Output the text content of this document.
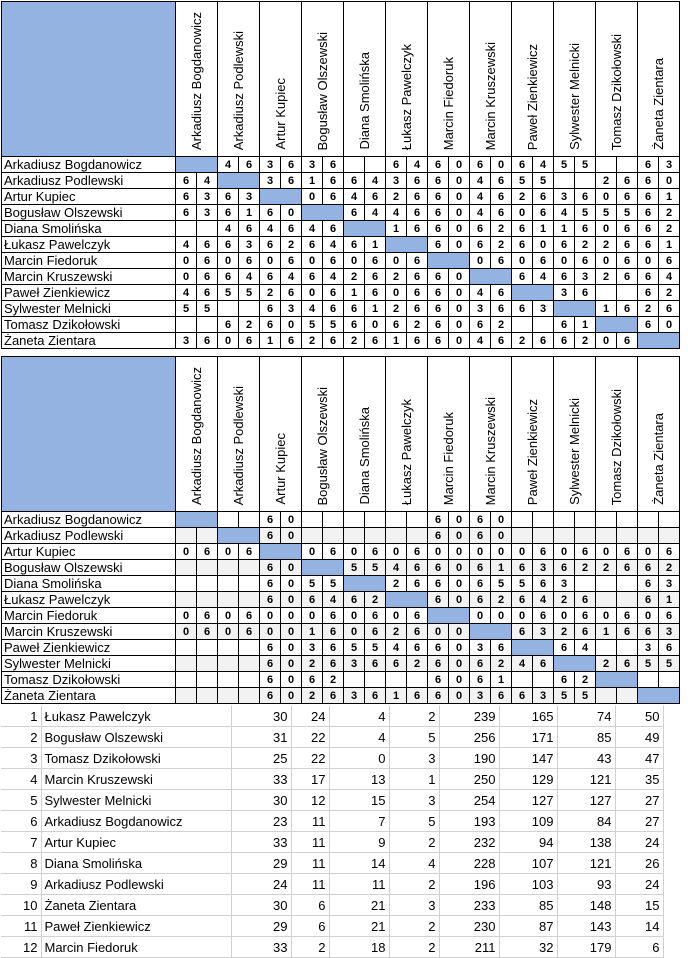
	Arkadiusz Bogdanowicz		Arkadiusz Podlewski		Artur Kupiec		Bogusław Olszewski		Diana Smolińska		Łukasz Pawelczyk		Marcin Fiedoruk		Marcin Kruszewski		Paweł Zienkiewicz		Sylwester Melnicki		Tomasz Dzikołowski		Żaneta Zientara	
Arkadiusz Bogdanowicz			4	6	3	6	3	6			6	4	6	0	6	0	6	4	5	5			6	3
Arkadiusz Podlewski	6	4			3	6	1	6	6	4	3	6	6	0	4	6	5	5			2	6	6	0
Artur Kupiec	6	3	6	3			0	6	4	6	2	6	6	0	4	6	2	6	3	6	0	6	6	1
Bogusław Olszewski	6	3	6	1	6	0			6	4	4	6	6	0	4	6	0	6	4	5	5	5	6	2
Diana Smolińska			4	6	4	6	4	6			1	6	6	0	6	2	6	1	1	6	0	6	6	2
Łukasz Pawelczyk	4	6	6	3	6	2	6	4	6	1			6	0	6	2	6	0	6	2	2	6	6	1
Marcin Fiedoruk	0	6	0	6	0	6	0	6	0	6	0	6			0	6	0	6	0	6	0	6	0	6
Marcin Kruszewski	0	6	6	4	6	4	6	4	2	6	2	6	6	0			6	4	6	3	2	6	6	4
Paweł Zienkiewicz	4	6	5	5	2	6	0	6	1	6	0	6	6	0	4	6			3	6			6	2
Sylwester Melnicki	5	5			6	3	4	6	6	1	2	6	6	0	3	6	6	3			1	6	2	6
Tomasz Dzikołowski			6	2	6	0	5	5	6	0	6	2	6	0	6	2			6	1			6	0
Żaneta Zientara	3	6	0	6	1	6	2	6	2	6	1	6	6	0	4	6	2	6	6	2	0	6		
	Arkadiusz Bogdanowicz		Arkadiusz Podlewski		Artur Kupiec		Bogusław Olszewski		Diana Smolińska		Łukasz Pawelczyk		Marcin Fiedoruk		Marcin Kruszewski		Paweł Zienkiewicz		Sylwester Melnicki		Tomasz Dzikołowski		Żaneta Zientara	
Arkadiusz Bogdanowicz					6	0							6	0	6	0								
Arkadiusz Podlewski					6	0							6	0	6	0								
Artur Kupiec	0	6	0	6			0	6	0	6	0	6	0	0	0	0	0	6	0	6	0	6	0	6
Bogusław Olszewski					6	0			5	5	4	6	6	0	6	1	6	3	6	2	2	6	6	2
Diana Smolińska					6	0	5	5			2	6	6	0	6	5	5	6	3				6	3
Łukasz Pawelczyk					6	0	6	4	6	2			6	0	6	2	6	4	2	6			6	1
Marcin Fiedoruk	0	6	0	6	0	0	0	6	0	6	0	6			0	0	0	6	0	6	0	6	0	6
Marcin Kruszewski	0	6	0	6	0	0	1	6	0	6	2	6	0	0			6	3	2	6	1	6	6	3
Paweł Zienkiewicz					6	0	3	6	5	5	4	6	6	0	3	6			6	4			3	6
Sylwester Melnicki					6	0	2	6	3	6	6	2	6	0	6	2	4	6			2	6	5	5
Tomasz Dzikołowski					6	0	6	2					6	0	6	1			6	2				
Żaneta Zientara					6	0	2	6	3	6	1	6	6	0	3	6	6	3	5	5				
1	Łukasz Pawelczyk	30	24	4	2	239	165	74	50
2	Bogusław Olszewski	31	22	4	5	256	171	85	49
3	Tomasz Dzikołowski	25	22	0	3	190	147	43	47
4	Marcin Kruszewski	33	17	13	1	250	129	121	35
5	Sylwester Melnicki	30	12	15	3	254	127	127	27
6	Arkadiusz Bogdanowicz	23	11	7	5	193	109	84	27
7	Artur Kupiec	33	11	9	2	232	94	138	24
8	Diana Smolińska	29	11	14	4	228	107	121	26
9	Arkadiusz Podlewski	24	11	11	2	196	103	93	24
10	Żaneta Zientara	30	6	21	3	233	85	148	15
11	Paweł Zienkiewicz	29	6	21	2	230	87	143	14
12	Marcin Fiedoruk	33	2	18	2	211	32	179	6
